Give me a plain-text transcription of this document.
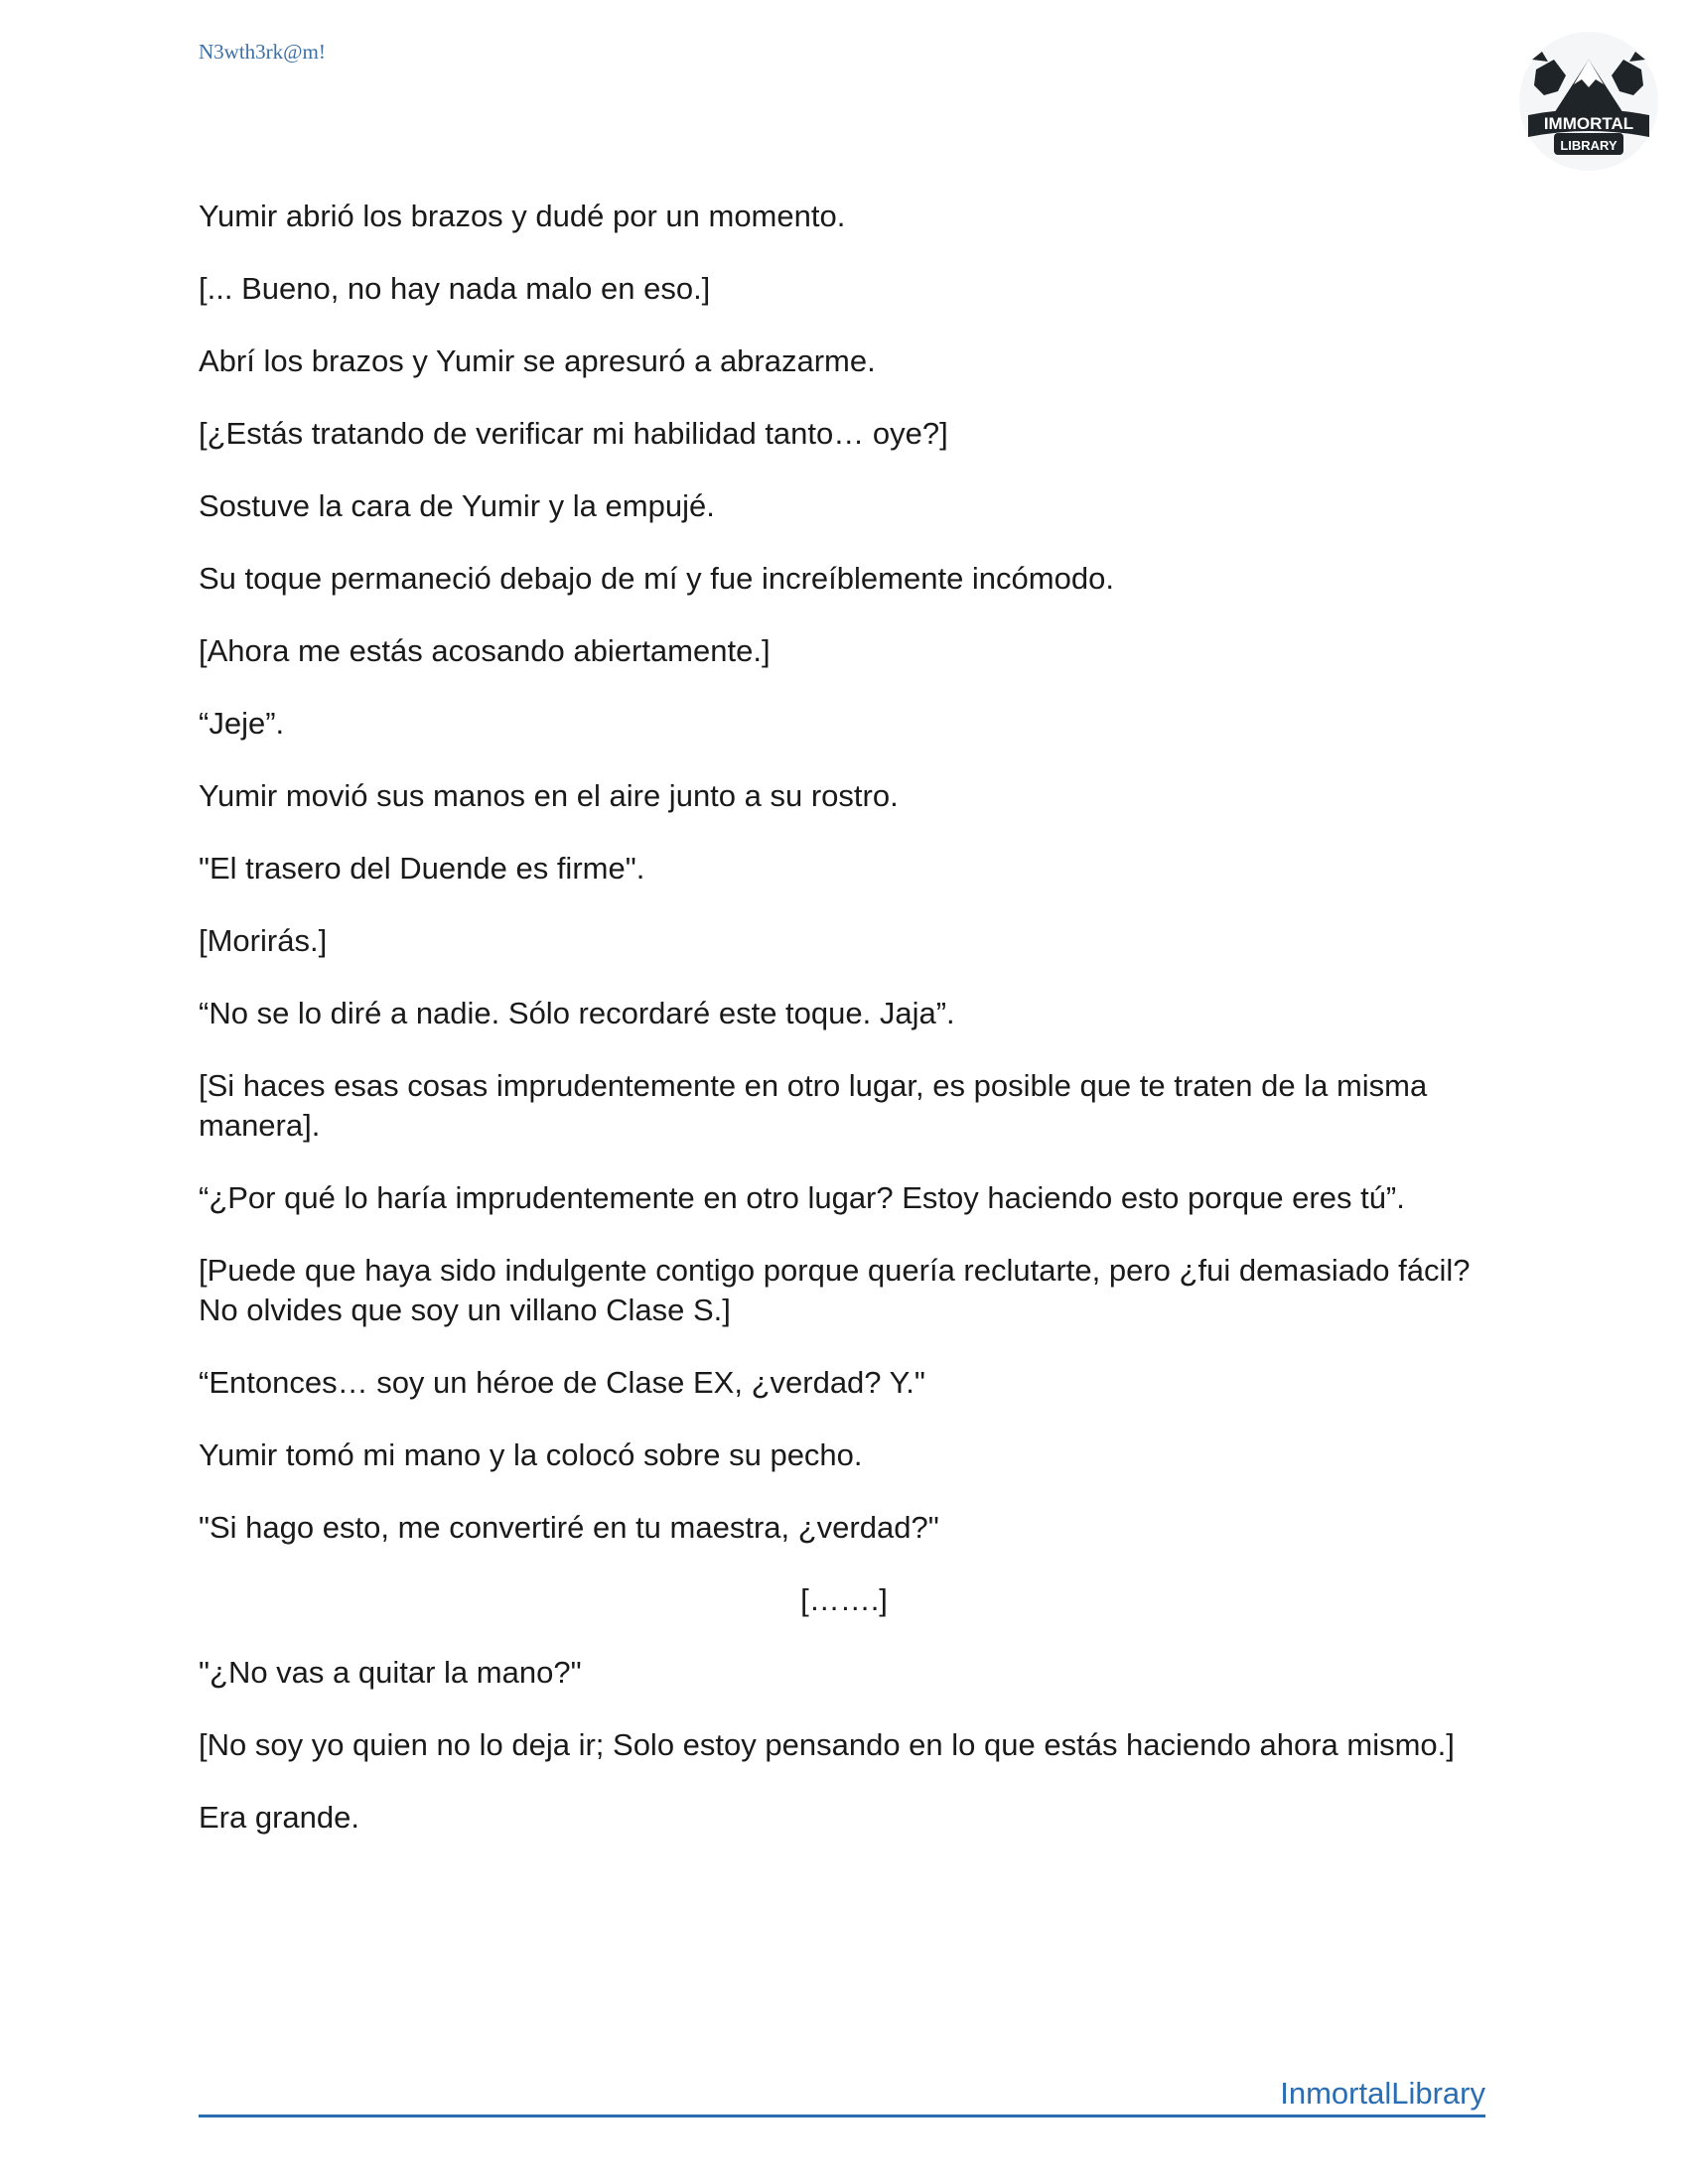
N3wth3rk@m!
IMMORTAL
LIBRARY

Yumir abrió los brazos y dudé por un momento.

[... Bueno, no hay nada malo en eso.]

Abrí los brazos y Yumir se apresuró a abrazarme.

[¿Estás tratando de verificar mi habilidad tanto… oye?]

Sostuve la cara de Yumir y la empujé.

Su toque permaneció debajo de mí y fue increíblemente incómodo.

[Ahora me estás acosando abiertamente.]

“Jeje”.

Yumir movió sus manos en el aire junto a su rostro.

"El trasero del Duende es firme".

[Morirás.]

“No se lo diré a nadie. Sólo recordaré este toque. Jaja”.

[Si haces esas cosas imprudentemente en otro lugar, es posible que te traten de la misma manera].

“¿Por qué lo haría imprudentemente en otro lugar? Estoy haciendo esto porque eres tú”.

[Puede que haya sido indulgente contigo porque quería reclutarte, pero ¿fui demasiado fácil? No olvides que soy un villano Clase S.]

“Entonces… soy un héroe de Clase EX, ¿verdad? Y."

Yumir tomó mi mano y la colocó sobre su pecho.

"Si hago esto, me convertiré en tu maestra, ¿verdad?"

[…….]

"¿No vas a quitar la mano?"

[No soy yo quien no lo deja ir; Solo estoy pensando en lo que estás haciendo ahora mismo.]

Era grande.

InmortalLibrary
